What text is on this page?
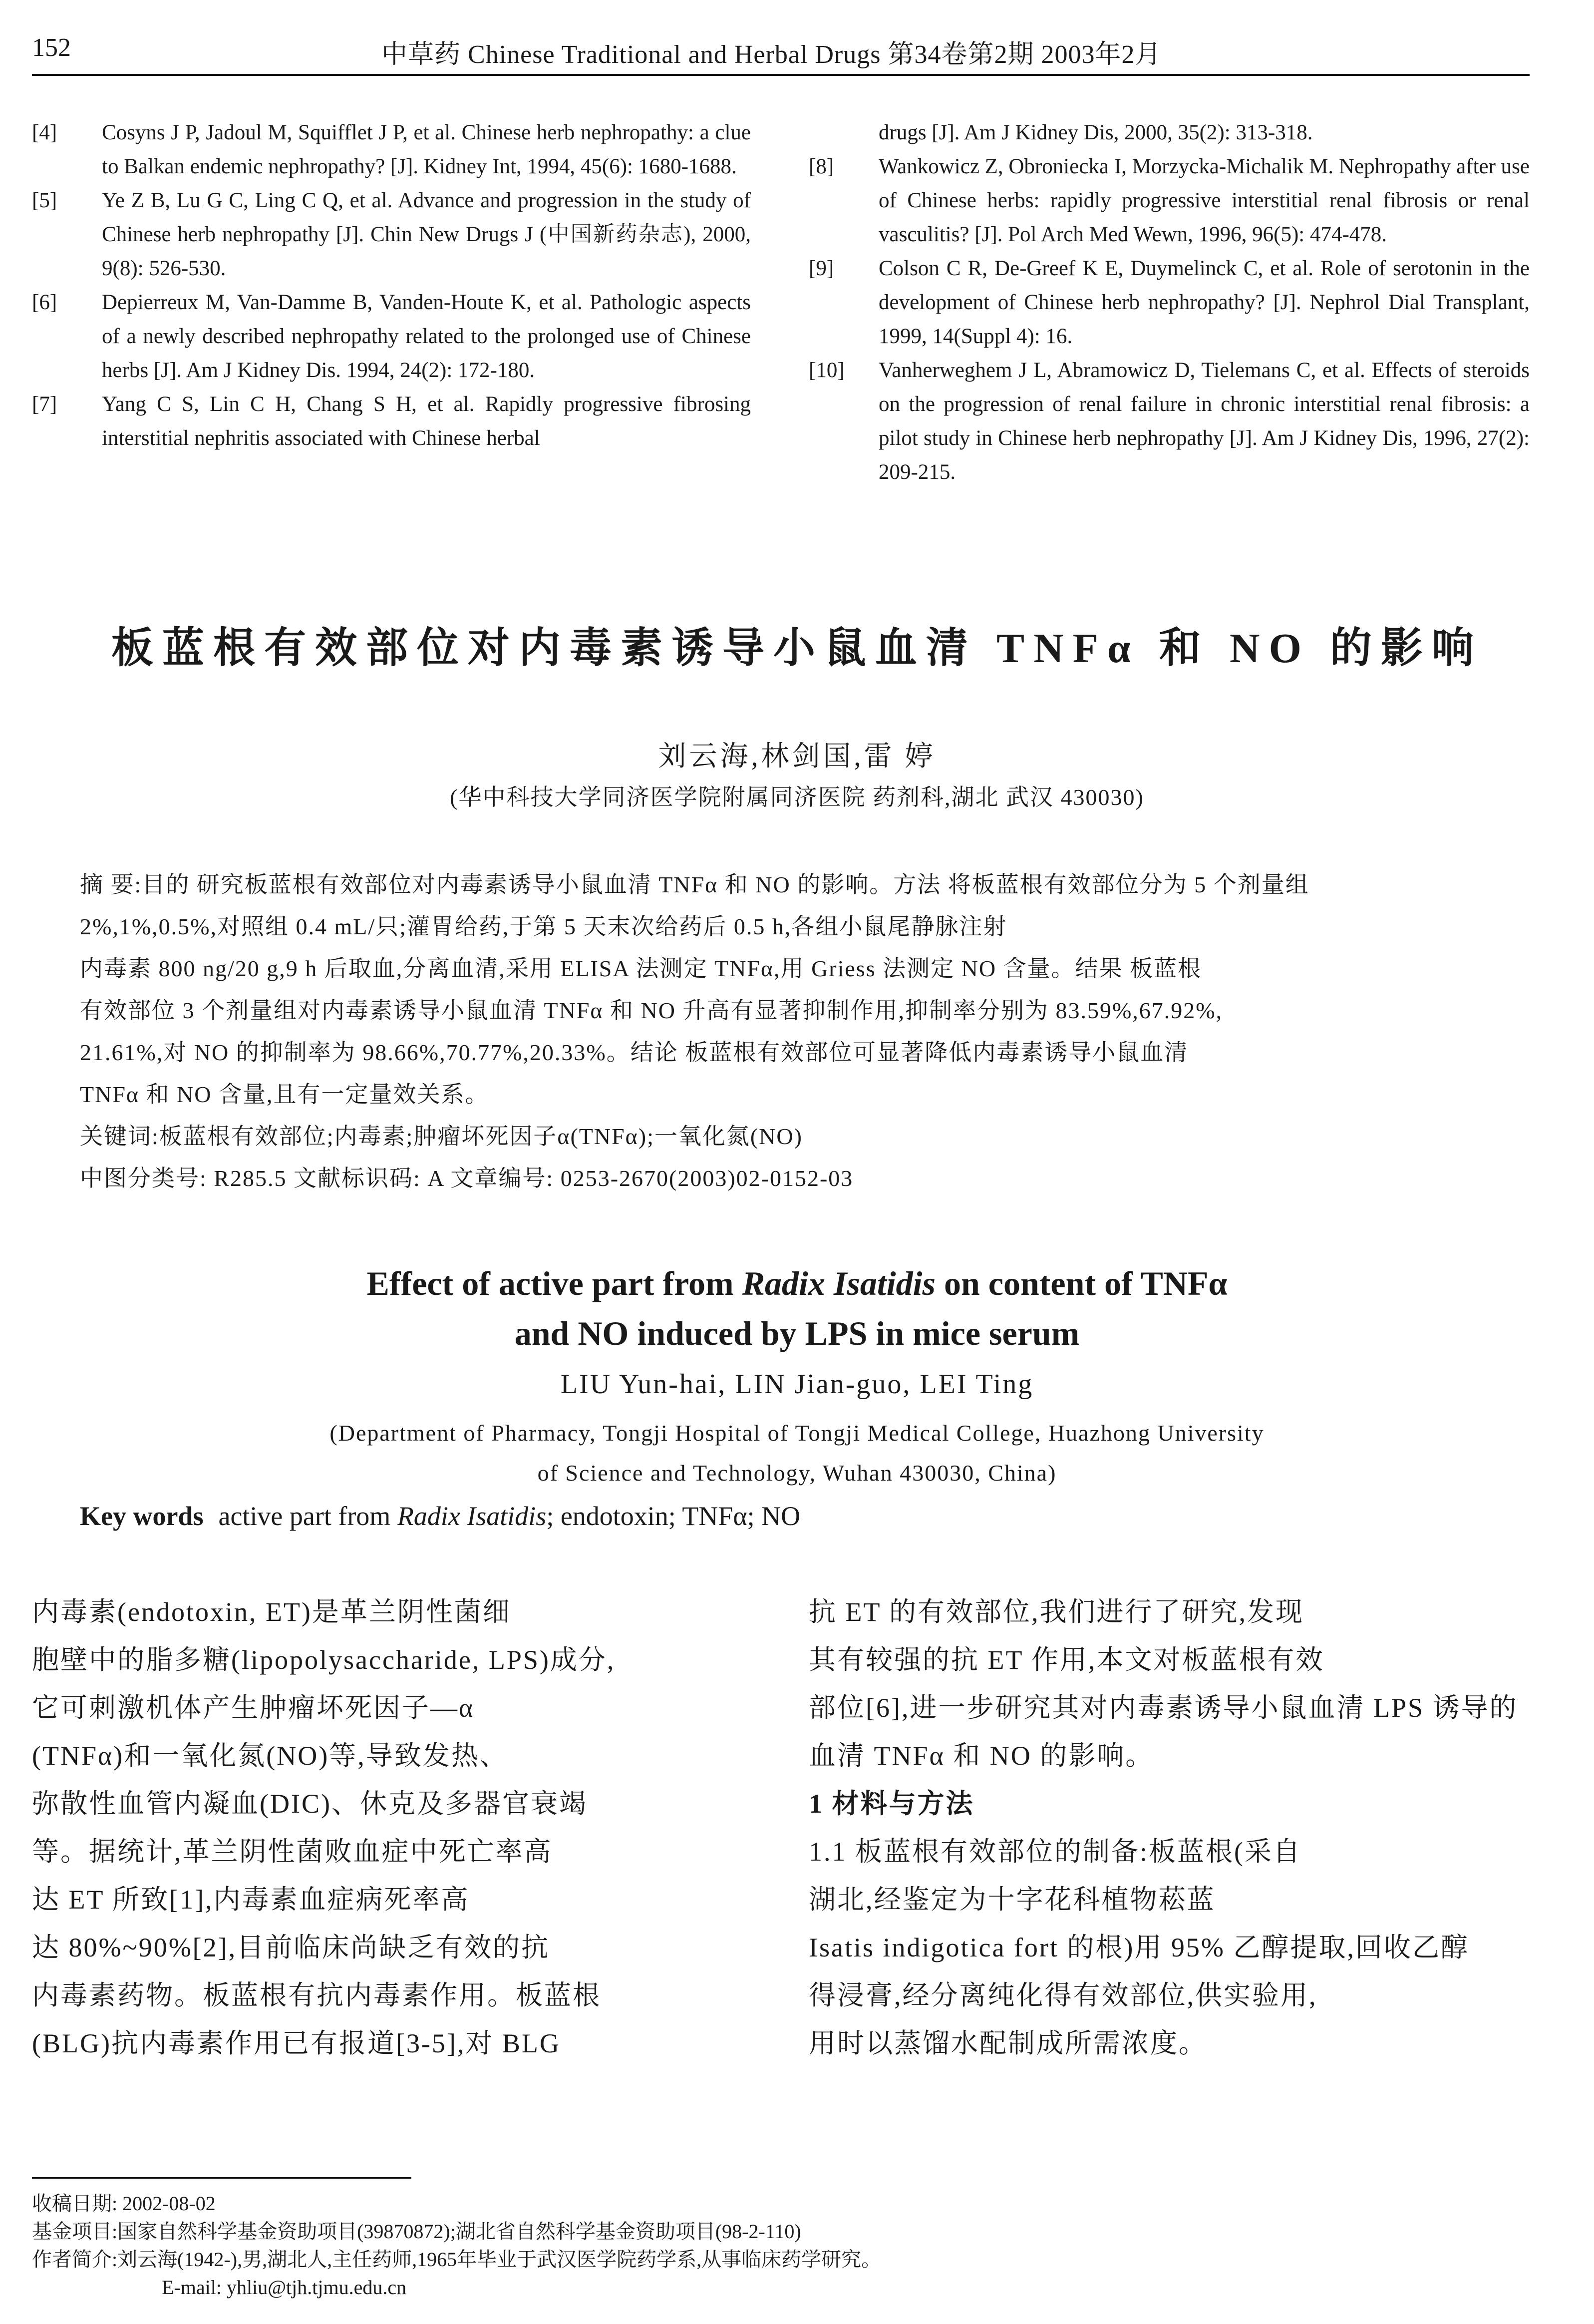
152	中草药 Chinese Traditional and Herbal Drugs 第34卷第2期 2003年2月
[4] Cosyns J P, Jadoul M, Squifflet J P, et al. Chinese herb nephropathy: a clue to Balkan endemic nephropathy? [J]. Kidney Int, 1994, 45(6): 1680-1688.
[5] Ye Z B, Lu G C, Ling C Q, et al. Advance and progression in the study of Chinese herb nephropathy [J]. Chin New Drugs J (中国新药杂志), 2000, 9(8): 526-530.
[6] Depierreux M, Van-Damme B, Vanden-Houte K, et al. Pathologic aspects of a newly described nephropathy related to the prolonged use of Chinese herbs [J]. Am J Kidney Dis. 1994, 24(2): 172-180.
[7] Yang C S, Lin C H, Chang S H, et al. Rapidly progressive fibrosing interstitial nephritis associated with Chinese herbal
drugs [J]. Am J Kidney Dis, 2000, 35(2): 313-318.
[8] Wankowicz Z, Obroniecka I, Morzycka-Michalik M. Nephropathy after use of Chinese herbs: rapidly progressive interstitial renal fibrosis or renal vasculitis? [J]. Pol Arch Med Wewn, 1996, 96(5): 474-478.
[9] Colson C R, De-Greef K E, Duymelinck C, et al. Role of serotonin in the development of Chinese herb nephropathy? [J]. Nephrol Dial Transplant, 1999, 14(Suppl 4): 16.
[10] Vanherweghem J L, Abramowicz D, Tielemans C, et al. Effects of steroids on the progression of renal failure in chronic interstitial renal fibrosis: a pilot study in Chinese herb nephropathy [J]. Am J Kidney Dis, 1996, 27(2): 209-215.
板蓝根有效部位对内毒素诱导小鼠血清 TNFα 和 NO 的影响
刘云海,林剑国,雷 婷
(华中科技大学同济医学院附属同济医院 药剂科,湖北 武汉 430030)
摘 要:目的 研究板蓝根有效部位对内毒素诱导小鼠血清 TNFα 和 NO 的影响。方法 将板蓝根有效部位分为 5 个剂量组
2%,1%,0.5%,对照组 0.4 mL/只;灌胃给药,于第 5 天末次给药后 0.5 h,各组小鼠尾静脉注射
内毒素 800 ng/20 g,9 h 后取血,分离血清,采用 ELISA 法测定 TNFα,用 Griess 法测定 NO 含量。结果 板蓝根
有效部位 3 个剂量组对内毒素诱导小鼠血清 TNFα 和 NO 升高有显著抑制作用,抑制率分别为 83.59%,67.92%,
21.61%,对 NO 的抑制率为 98.66%,70.77%,20.33%。结论 板蓝根有效部位可显著降低内毒素诱导小鼠血清
TNFα 和 NO 含量,且有一定量效关系。
关键词:板蓝根有效部位;内毒素;肿瘤坏死因子α(TNFα);一氧化氮(NO)
中图分类号: R285.5 文献标识码: A 文章编号: 0253-2670(2003)02-0152-03
Effect of active part from Radix Isatidis on content of TNFα
and NO induced by LPS in mice serum
LIU Yun-hai, LIN Jian-guo, LEI Ting
(Department of Pharmacy, Tongji Hospital of Tongji Medical College, Huazhong University
of Science and Technology, Wuhan 430030, China)
Key words active part from Radix Isatidis; endotoxin; TNFα; NO
内毒素(endotoxin, ET)是革兰阴性菌细
胞壁中的脂多糖(lipopolysaccharide, LPS)成分,
它可刺激机体产生肿瘤坏死因子—α
(TNFα)和一氧化氮(NO)等,导致发热、
弥散性血管内凝血(DIC)、休克及多器官衰竭
等。据统计,革兰阴性菌败血症中死亡率高
达 ET 所致[1],内毒素血症病死率高
达 80%~90%[2],目前临床尚缺乏有效的抗
内毒素药物。板蓝根有抗内毒素作用。板蓝根
(BLG)抗内毒素作用已有报道[3-5],对 BLG
抗 ET 的有效部位,我们进行了研究,发现
其有较强的抗 ET 作用,本文对板蓝根有效
部位[6],进一步研究其对内毒素诱导小鼠血清 LPS 诱导的
血清 TNFα 和 NO 的影响。
1 材料与方法
1.1 板蓝根有效部位的制备:板蓝根(采自
湖北,经鉴定为十字花科植物菘蓝
Isatis indigotica fort 的根)用 95% 乙醇提取,回收乙醇
得浸膏,经分离纯化得有效部位,供实验用,
用时以蒸馏水配制成所需浓度。
收稿日期: 2002-08-02
基金项目:国家自然科学基金资助项目(39870872);湖北省自然科学基金资助项目(98-2-110)
作者简介:刘云海(1942-),男,湖北人,主任药师,1965年毕业于武汉医学院药学系,从事临床药学研究。
E-mail: yhliu@tjh.tjmu.edu.cn
